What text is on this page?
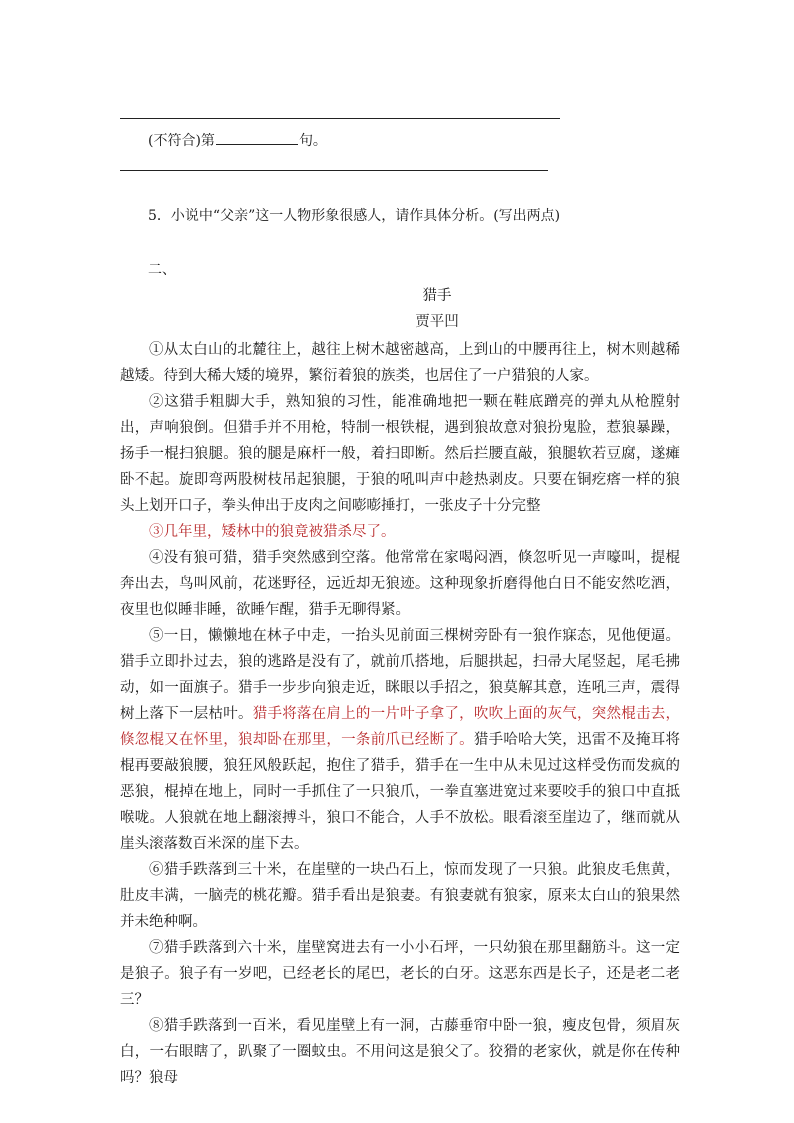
(不符合)第	句。
5．小说中“父亲”这一人物形象很感人，请作具体分析。(写出两点)
二、
猎手
贾平凹

①从太白山的北麓往上，越往上树木越密越高，上到山的中腰再往上，树木则越稀越矮。待到大稀大矮的境界，繁衍着狼的族类，也居住了一户猎狼的人家。

②这猎手粗脚大手，熟知狼的习性，能准确地把一颗在鞋底蹭亮的弹丸从枪膛射出，声响狼倒。但猎手并不用枪，特制一根铁棍，遇到狼故意对狼扮鬼脸，惹狼暴躁，扬手一棍扫狼腿。狼的腿是麻杆一般，着扫即断。然后拦腰直敲，狼腿软若豆腐，遂瘫卧不起。旋即弯两股树枝吊起狼腿，于狼的吼叫声中趁热剥皮。只要在铜疙瘩一样的狼头上划开口子，拳头伸出于皮肉之间嘭嘭捶打，一张皮子十分完整

③几年里，矮林中的狼竟被猎杀尽了。

④没有狼可猎，猎手突然感到空落。他常常在家喝闷酒，倏忽听见一声嚎叫，提棍奔出去，鸟叫风前，花迷野径，远近却无狼迹。这种现象折磨得他白日不能安然吃酒，夜里也似睡非睡，欲睡乍醒，猎手无聊得紧。

⑤一日，懒懒地在林子中走，一抬头见前面三棵树旁卧有一狼作寐态，见他便逼。猎手立即扑过去，狼的逃路是没有了，就前爪搭地，后腿拱起，扫帚大尾竖起，尾毛拂动，如一面旗子。猎手一步步向狼走近，眯眼以手招之，狼莫解其意，连吼三声，震得树上落下一层枯叶。猎手将落在肩上的一片叶子拿了，吹吹上面的灰气，突然棍击去，倏忽棍又在怀里，狼却卧在那里，一条前爪已经断了。猎手哈哈大笑，迅雷不及掩耳将棍再要敲狼腰，狼狂风般跃起，抱住了猎手，猎手在一生中从未见过这样受伤而发疯的恶狼，棍掉在地上，同时一手抓住了一只狼爪，一拳直塞进宽过来要咬手的狼口中直抵喉咙。人狼就在地上翻滚搏斗，狼口不能合，人手不放松。眼看滚至崖边了，继而就从崖头滚落数百米深的崖下去。

⑥猎手跌落到三十米，在崖壁的一块凸石上，惊而发现了一只狼。此狼皮毛焦黄，肚皮丰满，一脑壳的桃花瓣。猎手看出是狼妻。有狼妻就有狼家，原来太白山的狼果然并未绝种啊。

⑦猎手跌落到六十米，崖壁窝进去有一小小石坪，一只幼狼在那里翻筋斗。这一定是狼子。狼子有一岁吧，已经老长的尾巴，老长的白牙。这恶东西是长子，还是老二老三？

⑧猎手跌落到一百米，看见崖壁上有一洞，古藤垂帘中卧一狼，瘦皮包骨，须眉灰白，一右眼瞎了，趴聚了一圈蚊虫。不用问这是狼父了。狡猾的老家伙，就是你在传种吗？狼母
